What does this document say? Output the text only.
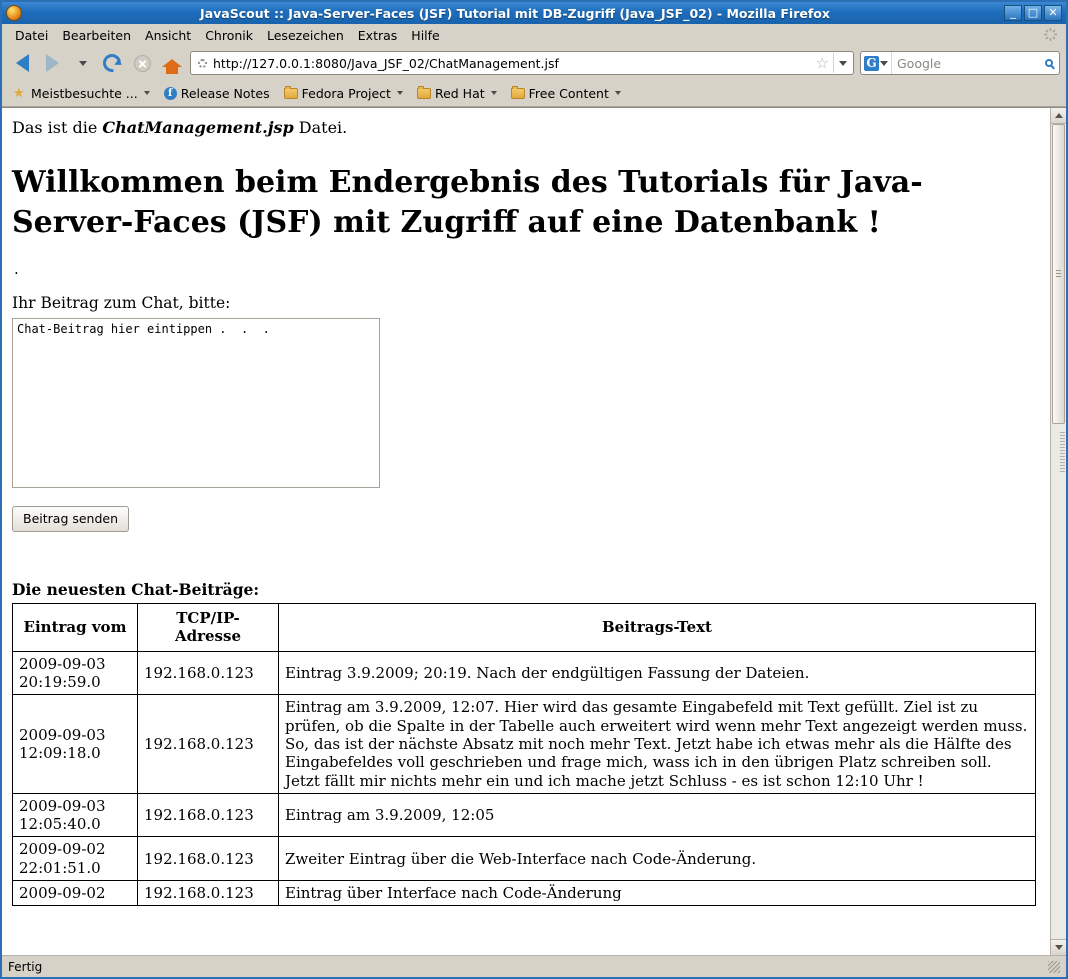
JavaScout :: Java-Server-Faces (JSF) Tutorial mit DB-Zugriff (Java_JSF_02) - Mozilla Firefox	_	□ ✕
Datei	Bearbeiten	Ansicht	Chronik	Lesezeichen	Extras	Hilfe
http://127.0.0.1:8080/Java_JSF_02/ChatManagement.jsf	☆	G	Google
★ Meistbesuchte ...	f Release Notes	Fedora Project	Red Hat	Free Content

Das ist die ChatManagement.jsp Datei.

Willkommen beim Endergebnis des Tutorials für Java-Server-Faces (JSF) mit Zugriff auf eine Datenbank !
.
Ihr Beitrag zum Chat, bitte:
Chat-Beitrag hier eintippen . . . Beitrag senden
Die neuesten Chat-Beiträge:
Eintrag vom	TCP/IP-Adresse	Beitrags-Text
2009-09-03 20:19:59.0	192.168.0.123	Eintrag 3.9.2009; 20:19. Nach der endgültigen Fassung der Dateien.
2009-09-03 12:09:18.0	192.168.0.123	Eintrag am 3.9.2009, 12:07. Hier wird das gesamte Eingabefeld mit Text gefüllt. Ziel ist zu prüfen, ob die Spalte in der Tabelle auch erweitert wird wenn mehr Text angezeigt werden muss. So, das ist der nächste Absatz mit noch mehr Text. Jetzt habe ich etwas mehr als die Hälfte des Eingabefeldes voll geschrieben und frage mich, wass ich in den übrigen Platz schreiben soll. Jetzt fällt mir nichts mehr ein und ich mache jetzt Schluss - es ist schon 12:10 Uhr !
2009-09-03 12:05:40.0	192.168.0.123	Eintrag am 3.9.2009, 12:05
2009-09-02 22:01:51.0	192.168.0.123	Zweiter Eintrag über die Web-Interface nach Code-Änderung.
2009-09-02	192.168.0.123	Eintrag über Interface nach Code-Änderung
Fertig
